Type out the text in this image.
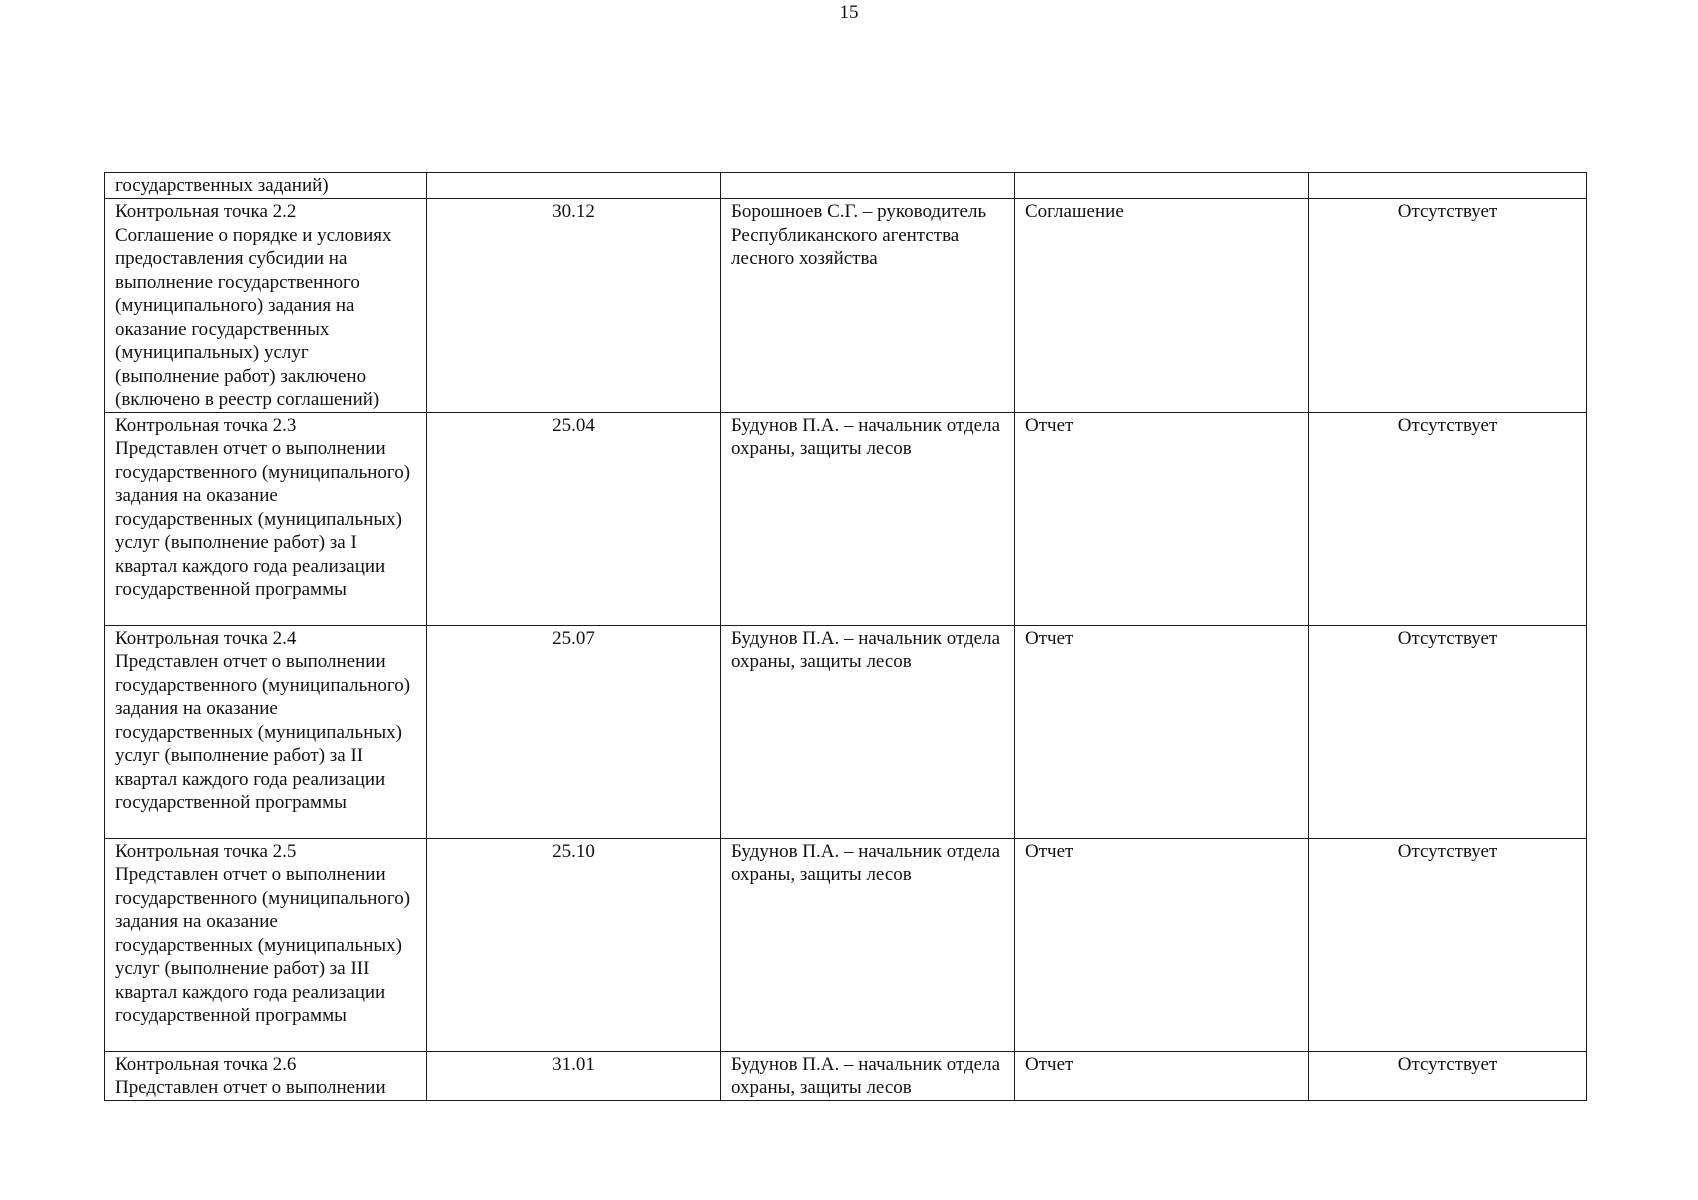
15
государственных заданий)				
Контрольная точка 2.2
Соглашение о порядке и условиях предоставления субсидии на выполнение государственного (муниципального) задания на оказание государственных (муниципальных) услуг (выполнение работ) заключено (включено в реестр соглашений)	30.12	Борошноев С.Г. – руководитель Республиканского агентства лесного хозяйства	Соглашение	Отсутствует
Контрольная точка 2.3
Представлен отчет о выполнении государственного (муниципального) задания на оказание государственных (муниципальных) услуг (выполнение работ) за I квартал каждого года реализации государственной программы	25.04	Будунов П.А. – начальник отдела охраны, защиты лесов	Отчет	Отсутствует
Контрольная точка 2.4
Представлен отчет о выполнении государственного (муниципального) задания на оказание государственных (муниципальных) услуг (выполнение работ) за II квартал каждого года реализации государственной программы	25.07	Будунов П.А. – начальник отдела охраны, защиты лесов	Отчет	Отсутствует
Контрольная точка 2.5
Представлен отчет о выполнении государственного (муниципального) задания на оказание государственных (муниципальных) услуг (выполнение работ) за III квартал каждого года реализации государственной программы	25.10	Будунов П.А. – начальник отдела охраны, защиты лесов	Отчет	Отсутствует
Контрольная точка 2.6
Представлен отчет о выполнении	31.01	Будунов П.А. – начальник отдела охраны, защиты лесов	Отчет	Отсутствует
